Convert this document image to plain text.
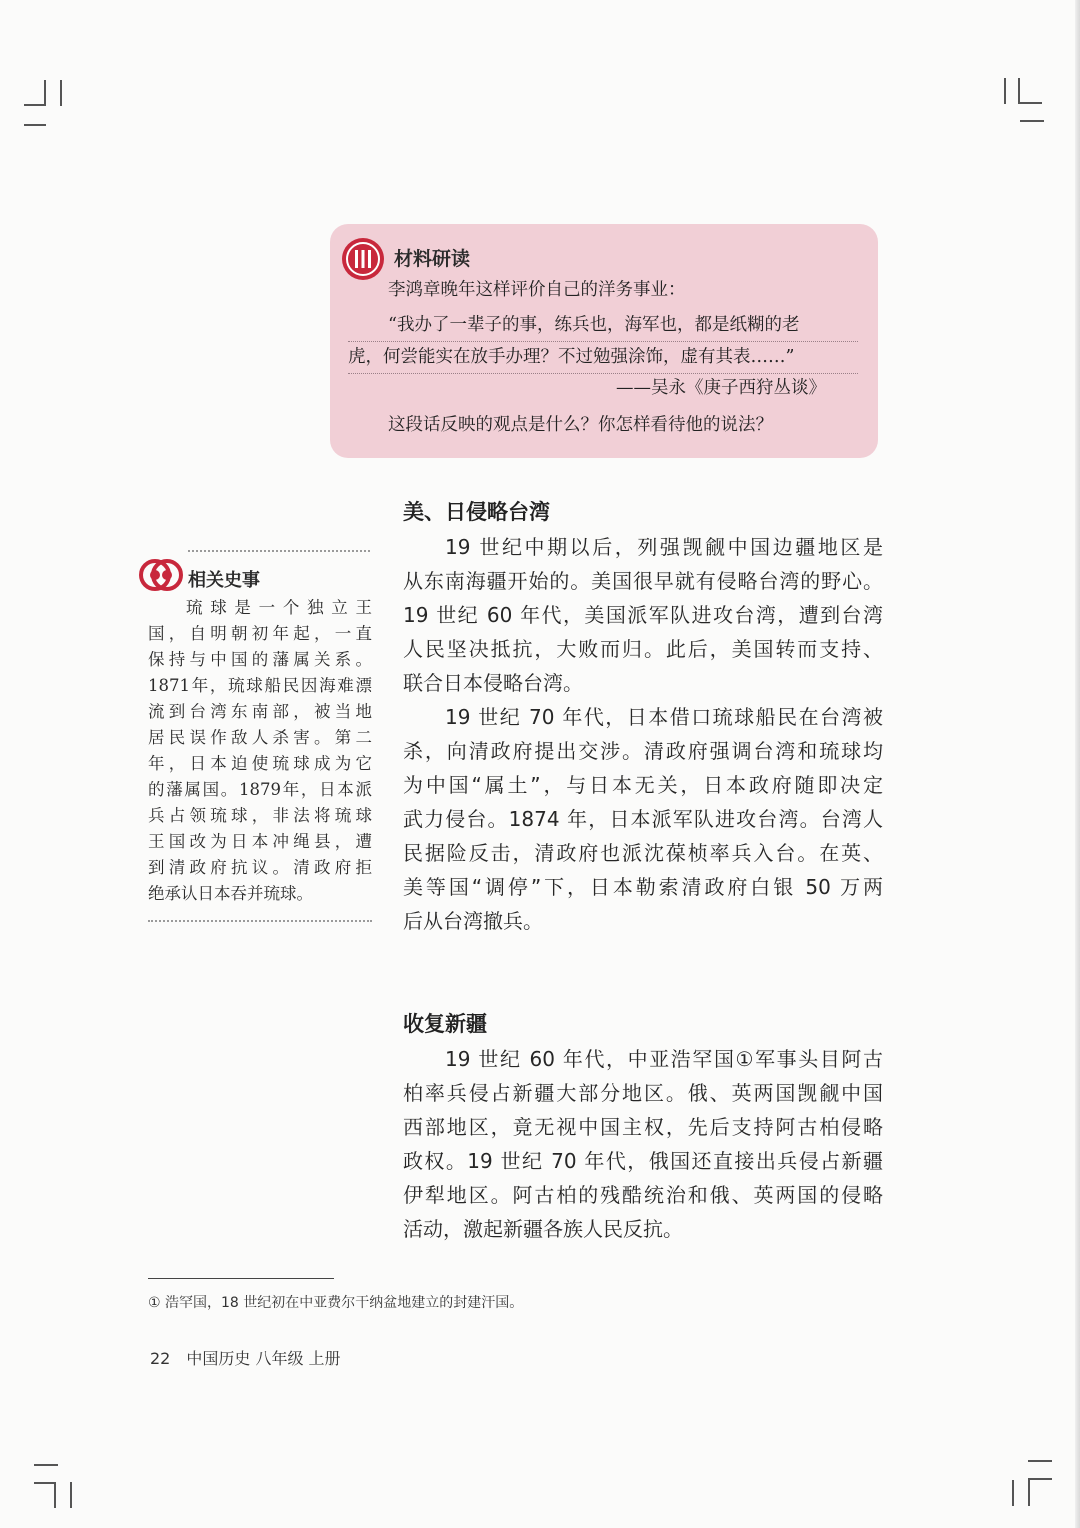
材料研读
李鸿章晚年这样评价自己的洋务事业：
“我办了一辈子的事，练兵也，海军也，都是纸糊的老
虎，何尝能实在放手办理？不过勉强涂饰，虚有其表……”
——吴永《庚子西狩丛谈》
这段话反映的观点是什么？你怎样看待他的说法？
相关史事
琉球是一个独立王
国，自明朝初年起，一直
保持与中国的藩属关系。
1871年，琉球船民因海难漂
流到台湾东南部，被当地
居民误作敌人杀害。第二
年，日本迫使琉球成为它
的藩属国。1879年，日本派
兵占领琉球，非法将琉球
王国改为日本冲绳县，遭
到清政府抗议。清政府拒
绝承认日本吞并琉球。
美、日侵略台湾
19 世纪中期以后，列强觊觎中国边疆地区是
从东南海疆开始的。美国很早就有侵略台湾的野心。
19 世纪 60 年代，美国派军队进攻台湾，遭到台湾
人民坚决抵抗，大败而归。此后，美国转而支持、
联合日本侵略台湾。
19 世纪 70 年代，日本借口琉球船民在台湾被
杀，向清政府提出交涉。清政府强调台湾和琉球均
为中国“属土”，与日本无关，日本政府随即决定
武力侵台。1874 年，日本派军队进攻台湾。台湾人
民据险反击，清政府也派沈葆桢率兵入台。在英、
美等国“调停”下，日本勒索清政府白银 50 万两
后从台湾撤兵。
收复新疆
19 世纪 60 年代，中亚浩罕国①军事头目阿古
柏率兵侵占新疆大部分地区。俄、英两国觊觎中国
西部地区，竟无视中国主权，先后支持阿古柏侵略
政权。19 世纪 70 年代，俄国还直接出兵侵占新疆
伊犁地区。阿古柏的残酷统治和俄、英两国的侵略
活动，激起新疆各族人民反抗。
① 浩罕国，18 世纪初在中亚费尔干纳盆地建立的封建汗国。
22 中国历史 八年级 上册
